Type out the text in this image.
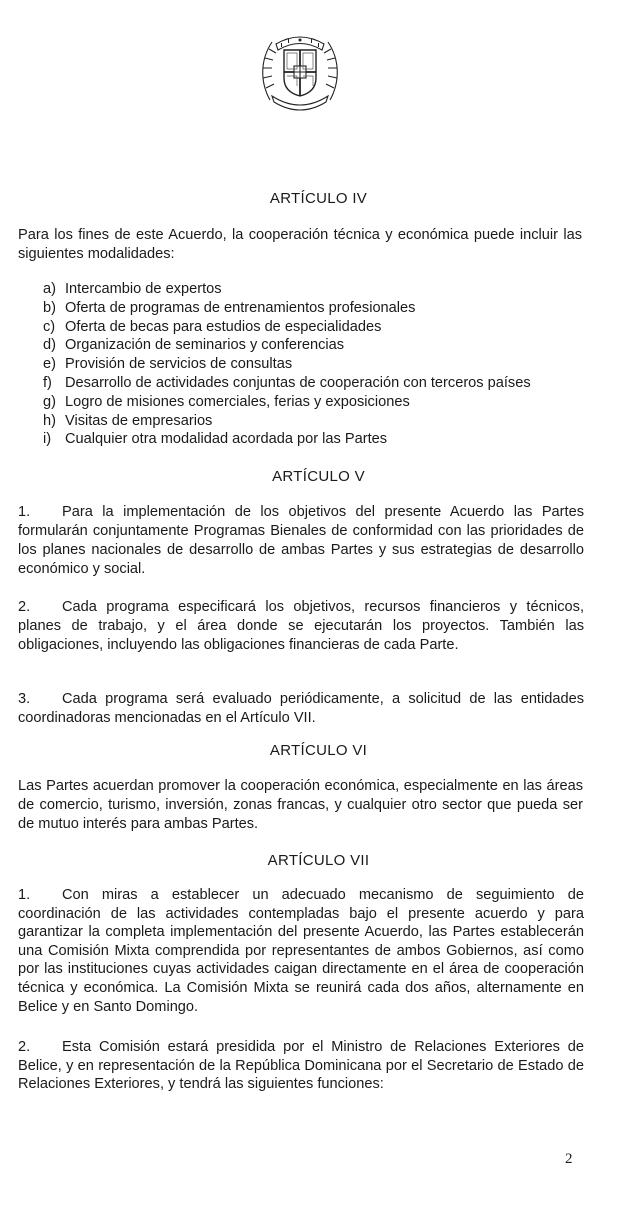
ARTÍCULO IV

Para los fines de este Acuerdo, la cooperación técnica y económica puede incluir las siguientes modalidades:

a) Intercambio de expertos
b) Oferta de programas de entrenamientos profesionales
c) Oferta de becas para estudios de especialidades
d) Organización de seminarios y conferencias
e) Provisión de servicios de consultas
f) Desarrollo de actividades conjuntas de cooperación con terceros países
g) Logro de misiones comerciales, ferias y exposiciones
h) Visitas de empresarios
i) Cualquier otra modalidad acordada por las Partes
ARTÍCULO V

1. Para la implementación de los objetivos del presente Acuerdo las Partes formularán conjuntamente Programas Bienales de conformidad con las prioridades de los planes nacionales de desarrollo de ambas Partes y sus estrategias de desarrollo económico y social.

2. Cada programa especificará los objetivos, recursos financieros y técnicos, planes de trabajo, y el área donde se ejecutarán los proyectos. También las obligaciones, incluyendo las obligaciones financieras de cada Parte.

3. Cada programa será evaluado periódicamente, a solicitud de las entidades coordinadoras mencionadas en el Artículo VII.

ARTÍCULO VI

Las Partes acuerdan promover la cooperación económica, especialmente en las áreas de comercio, turismo, inversión, zonas francas, y cualquier otro sector que pueda ser de mutuo interés para ambas Partes.

ARTÍCULO VII

1. Con miras a establecer un adecuado mecanismo de seguimiento de coordinación de las actividades contempladas bajo el presente acuerdo y para garantizar la completa implementación del presente Acuerdo, las Partes establecerán una Comisión Mixta comprendida por representantes de ambos Gobiernos, así como por las instituciones cuyas actividades caigan directamente en el área de cooperación técnica y económica. La Comisión Mixta se reunirá cada dos años, alternamente en Belice y en Santo Domingo.

2. Esta Comisión estará presidida por el Ministro de Relaciones Exteriores de Belice, y en representación de la República Dominicana por el Secretario de Estado de Relaciones Exteriores, y tendrá las siguientes funciones:

2
